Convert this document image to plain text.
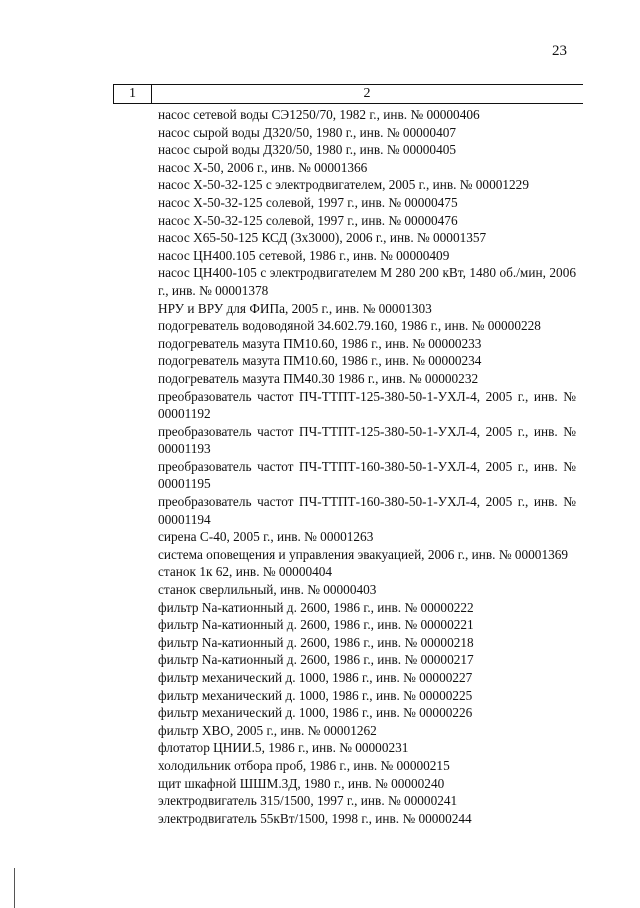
23
1	2

насос сетевой воды СЭ1250/70, 1982 г., инв. № 00000406

насос сырой воды Д320/50, 1980 г., инв. № 00000407

насос сырой воды Д320/50, 1980 г., инв. № 00000405

насос Х-50, 2006 г., инв. № 00001366

насос Х-50-32-125 с электродвигателем, 2005 г., инв. № 00001229

насос Х-50-32-125 солевой, 1997 г., инв. № 00000475

насос Х-50-32-125 солевой, 1997 г., инв. № 00000476

насос Х65-50-125 КСД (3х3000), 2006 г., инв. № 00001357

насос ЦН400.105 сетевой, 1986 г., инв. № 00000409

насос ЦН400-105 с электродвигателем М 280 200 кВт, 1480 об./мин, 2006 г., инв. № 00001378

НРУ и ВРУ для ФИПа, 2005 г., инв. № 00001303

подогреватель водоводяной 34.602.79.160, 1986 г., инв. № 00000228

подогреватель мазута ПМ10.60, 1986 г., инв. № 00000233

подогреватель мазута ПМ10.60, 1986 г., инв. № 00000234

подогреватель мазута ПМ40.30 1986 г., инв. № 00000232

преобразователь частот ПЧ-ТТПТ-125-380-50-1-УХЛ-4, 2005 г., инв. № 00001192

преобразователь частот ПЧ-ТТПТ-125-380-50-1-УХЛ-4, 2005 г., инв. № 00001193

преобразователь частот ПЧ-ТТПТ-160-380-50-1-УХЛ-4, 2005 г., инв. № 00001195

преобразователь частот ПЧ-ТТПТ-160-380-50-1-УХЛ-4, 2005 г., инв. № 00001194

сирена С-40, 2005 г., инв. № 00001263

система оповещения и управления эвакуацией, 2006 г., инв. № 00001369

станок 1к 62, инв. № 00000404

станок сверлильный, инв. № 00000403

фильтр Na-катионный д. 2600, 1986 г., инв. № 00000222

фильтр Na-катионный д. 2600, 1986 г., инв. № 00000221

фильтр Na-катионный д. 2600, 1986 г., инв. № 00000218

фильтр Na-катионный д. 2600, 1986 г., инв. № 00000217

фильтр механический д. 1000, 1986 г., инв. № 00000227

фильтр механический д. 1000, 1986 г., инв. № 00000225

фильтр механический д. 1000, 1986 г., инв. № 00000226

фильтр ХВО, 2005 г., инв. № 00001262

флотатор ЦНИИ.5, 1986 г., инв. № 00000231

холодильник отбора проб, 1986 г., инв. № 00000215

щит шкафной ШШМ.3Д, 1980 г., инв. № 00000240

электродвигатель 315/1500, 1997 г., инв. № 00000241

электродвигатель 55кВт/1500, 1998 г., инв. № 00000244
